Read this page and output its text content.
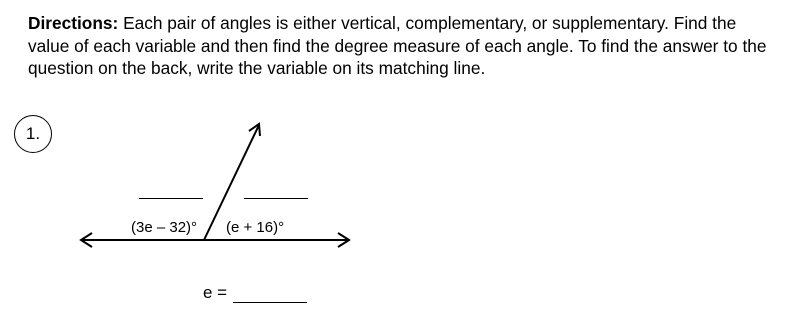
Directions: Each pair of angles is either vertical, complementary, or supplementary. Find the value of each variable and then find the degree measure of each angle. To find the answer to the question on the back, write the variable on its matching line.
1.
(3e – 32)° (e + 16)°
e =
